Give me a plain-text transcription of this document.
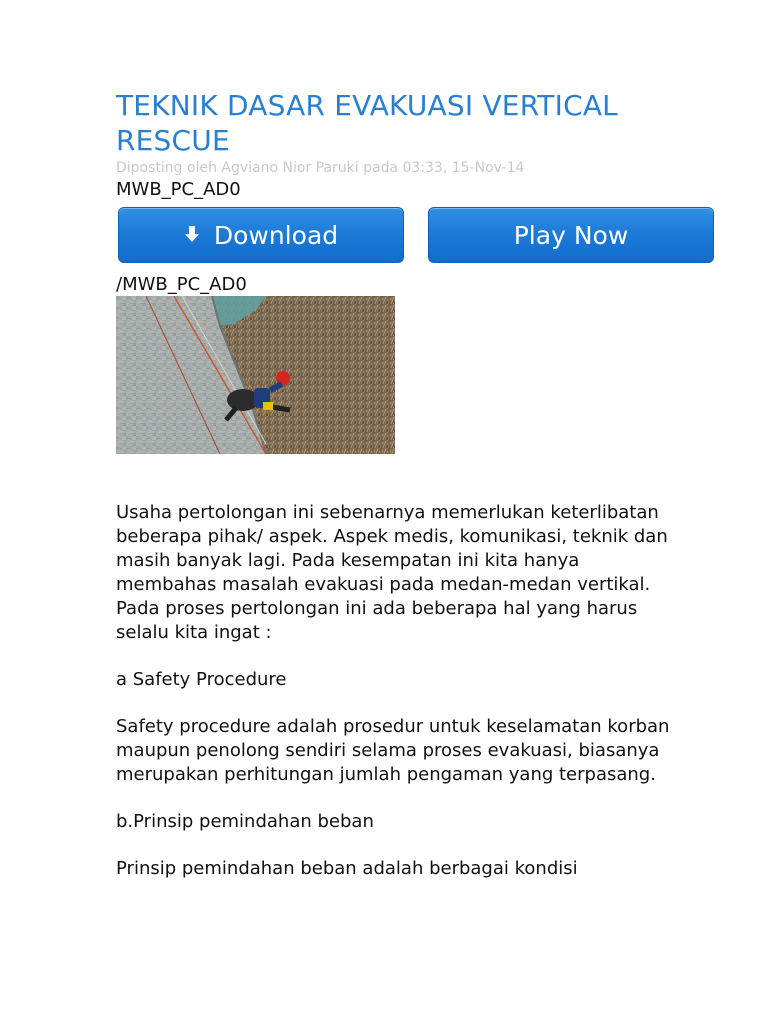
TEKNIK DASAR EVAKUASI VERTICAL RESCUE
Diposting oleh Agviano Nior Paruki pada 03:33, 15-Nov-14
MWB_PC_AD0
Download	Play Now
/MWB_PC_AD0

Usaha pertolongan ini sebenarnya memerlukan keterlibatan beberapa pihak/ aspek. Aspek medis, komunikasi, teknik dan masih banyak lagi. Pada kesempatan ini kita hanya membahas masalah evakuasi pada medan-medan vertikal. Pada proses pertolongan ini ada beberapa hal yang harus selalu kita ingat :

a Safety Procedure

Safety procedure adalah prosedur untuk keselamatan korban maupun penolong sendiri selama proses evakuasi, biasanya merupakan perhitungan jumlah pengaman yang terpasang.

b.Prinsip pemindahan beban

Prinsip pemindahan beban adalah berbagai kondisi
